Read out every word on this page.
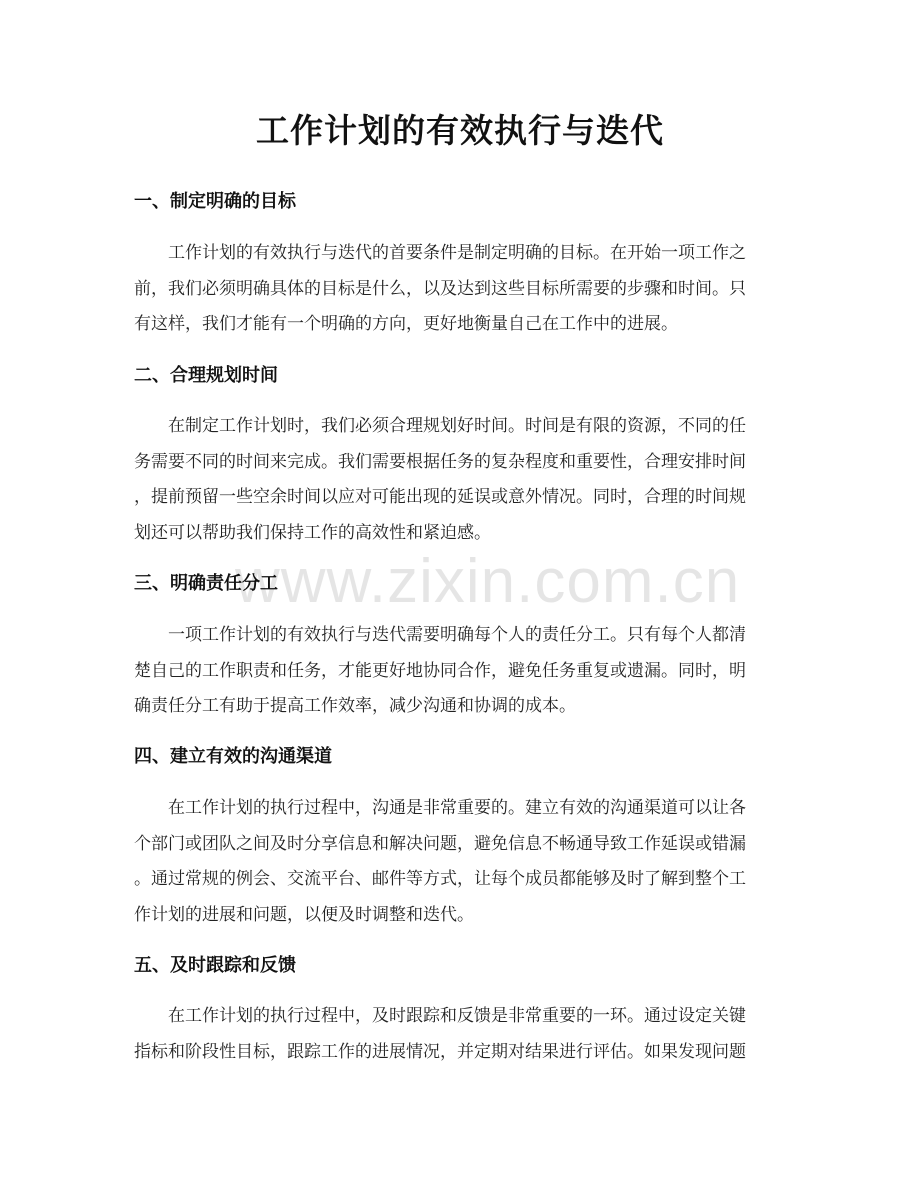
工作计划的有效执行与迭代
一、制定明确的目标
工作计划的有效执行与迭代的首要条件是制定明确的目标。在开始一项工作之
前，我们必须明确具体的目标是什么，以及达到这些目标所需要的步骤和时间。只
有这样，我们才能有一个明确的方向，更好地衡量自己在工作中的进展。
二、合理规划时间
在制定工作计划时，我们必须合理规划好时间。时间是有限的资源，不同的任
务需要不同的时间来完成。我们需要根据任务的复杂程度和重要性，合理安排时间
，提前预留一些空余时间以应对可能出现的延误或意外情况。同时，合理的时间规
划还可以帮助我们保持工作的高效性和紧迫感。
三、明确责任分工
一项工作计划的有效执行与迭代需要明确每个人的责任分工。只有每个人都清
楚自己的工作职责和任务，才能更好地协同合作，避免任务重复或遗漏。同时，明
确责任分工有助于提高工作效率，减少沟通和协调的成本。
四、建立有效的沟通渠道
在工作计划的执行过程中，沟通是非常重要的。建立有效的沟通渠道可以让各
个部门或团队之间及时分享信息和解决问题，避免信息不畅通导致工作延误或错漏
。通过常规的例会、交流平台、邮件等方式，让每个成员都能够及时了解到整个工
作计划的进展和问题，以便及时调整和迭代。
五、及时跟踪和反馈
在工作计划的执行过程中，及时跟踪和反馈是非常重要的一环。通过设定关键
指标和阶段性目标，跟踪工作的进展情况，并定期对结果进行评估。如果发现问题
www.zixin.com.cn
